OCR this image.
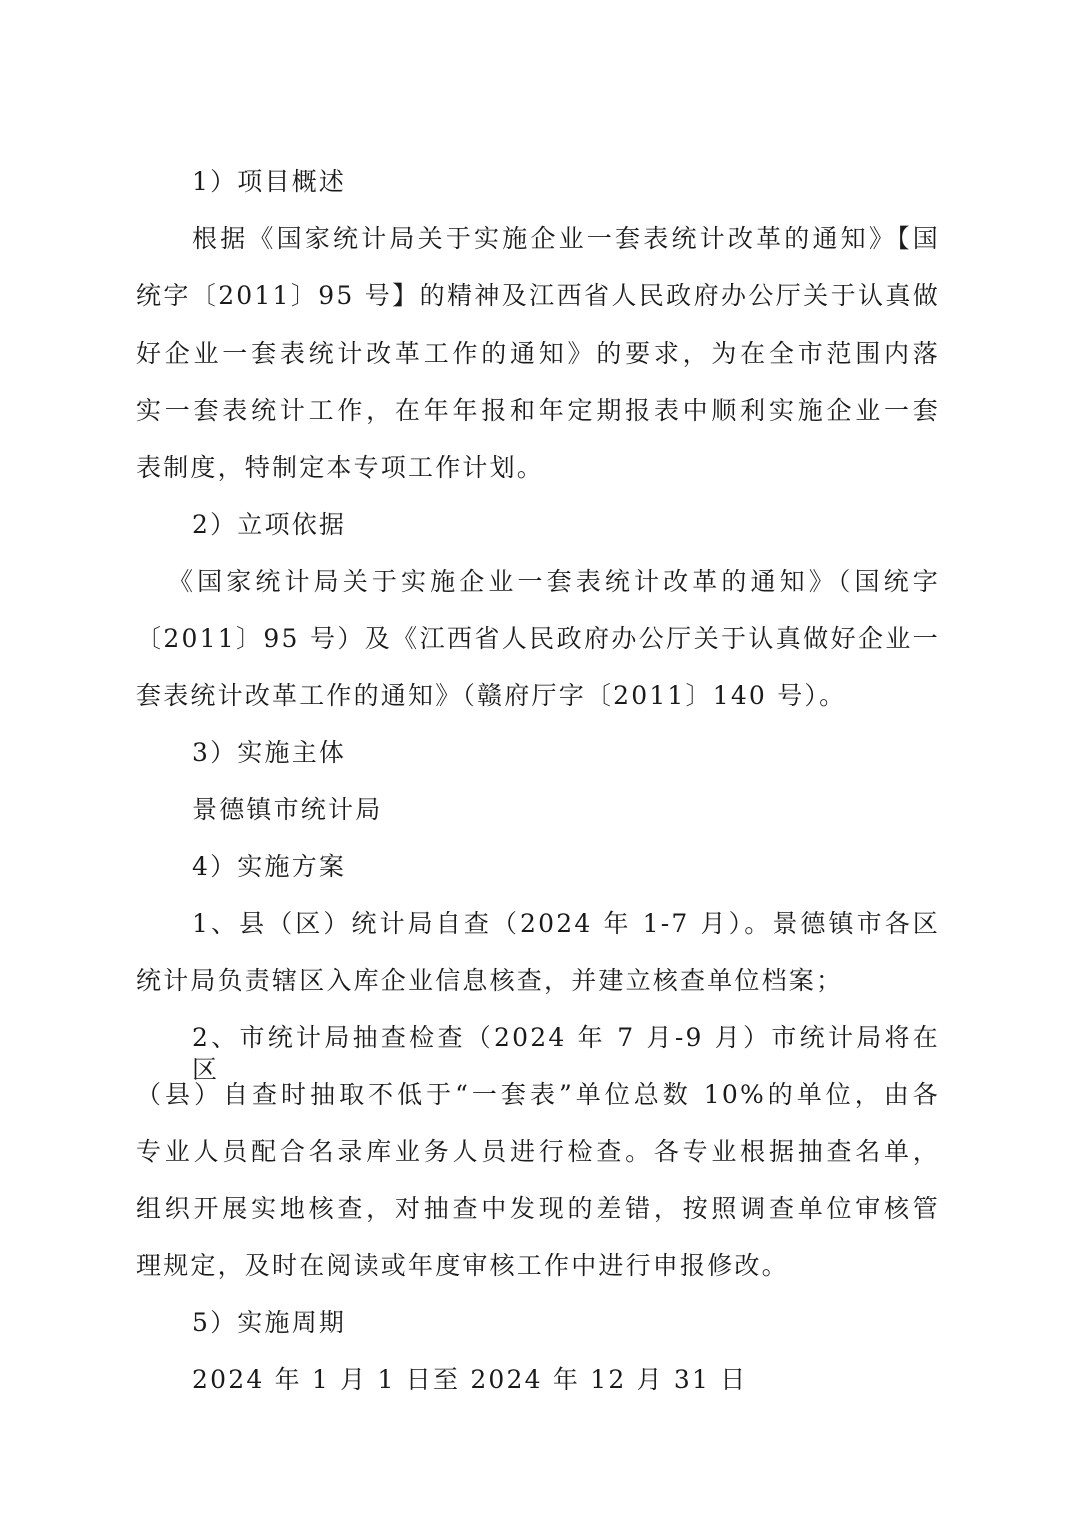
1）项目概述
根据《国家统计局关于实施企业一套表统计改革的通知》【国
统字〔2011〕95 号】的精神及江西省人民政府办公厅关于认真做
好企业一套表统计改革工作的通知》的要求，为在全市范围内落
实一套表统计工作，在年年报和年定期报表中顺利实施企业一套
表制度，特制定本专项工作计划。
2）立项依据
《国家统计局关于实施企业一套表统计改革的通知》（国统字
〔2011〕95 号）及《江西省人民政府办公厅关于认真做好企业一
套表统计改革工作的通知》（赣府厅字〔2011〕140 号）。
3）实施主体
景德镇市统计局
4）实施方案
1、县（区）统计局自查（2024 年 1-7 月）。景德镇市各区
统计局负责辖区入库企业信息核查，并建立核查单位档案；
2、市统计局抽查检查（2024 年 7 月-9 月）市统计局将在区
（县）自查时抽取不低于“一套表”单位总数 10%的单位，由各
专业人员配合名录库业务人员进行检查。各专业根据抽查名单，
组织开展实地核查，对抽查中发现的差错，按照调查单位审核管
理规定，及时在阅读或年度审核工作中进行申报修改。
5）实施周期
2024 年 1 月 1 日至 2024 年 12 月 31 日
